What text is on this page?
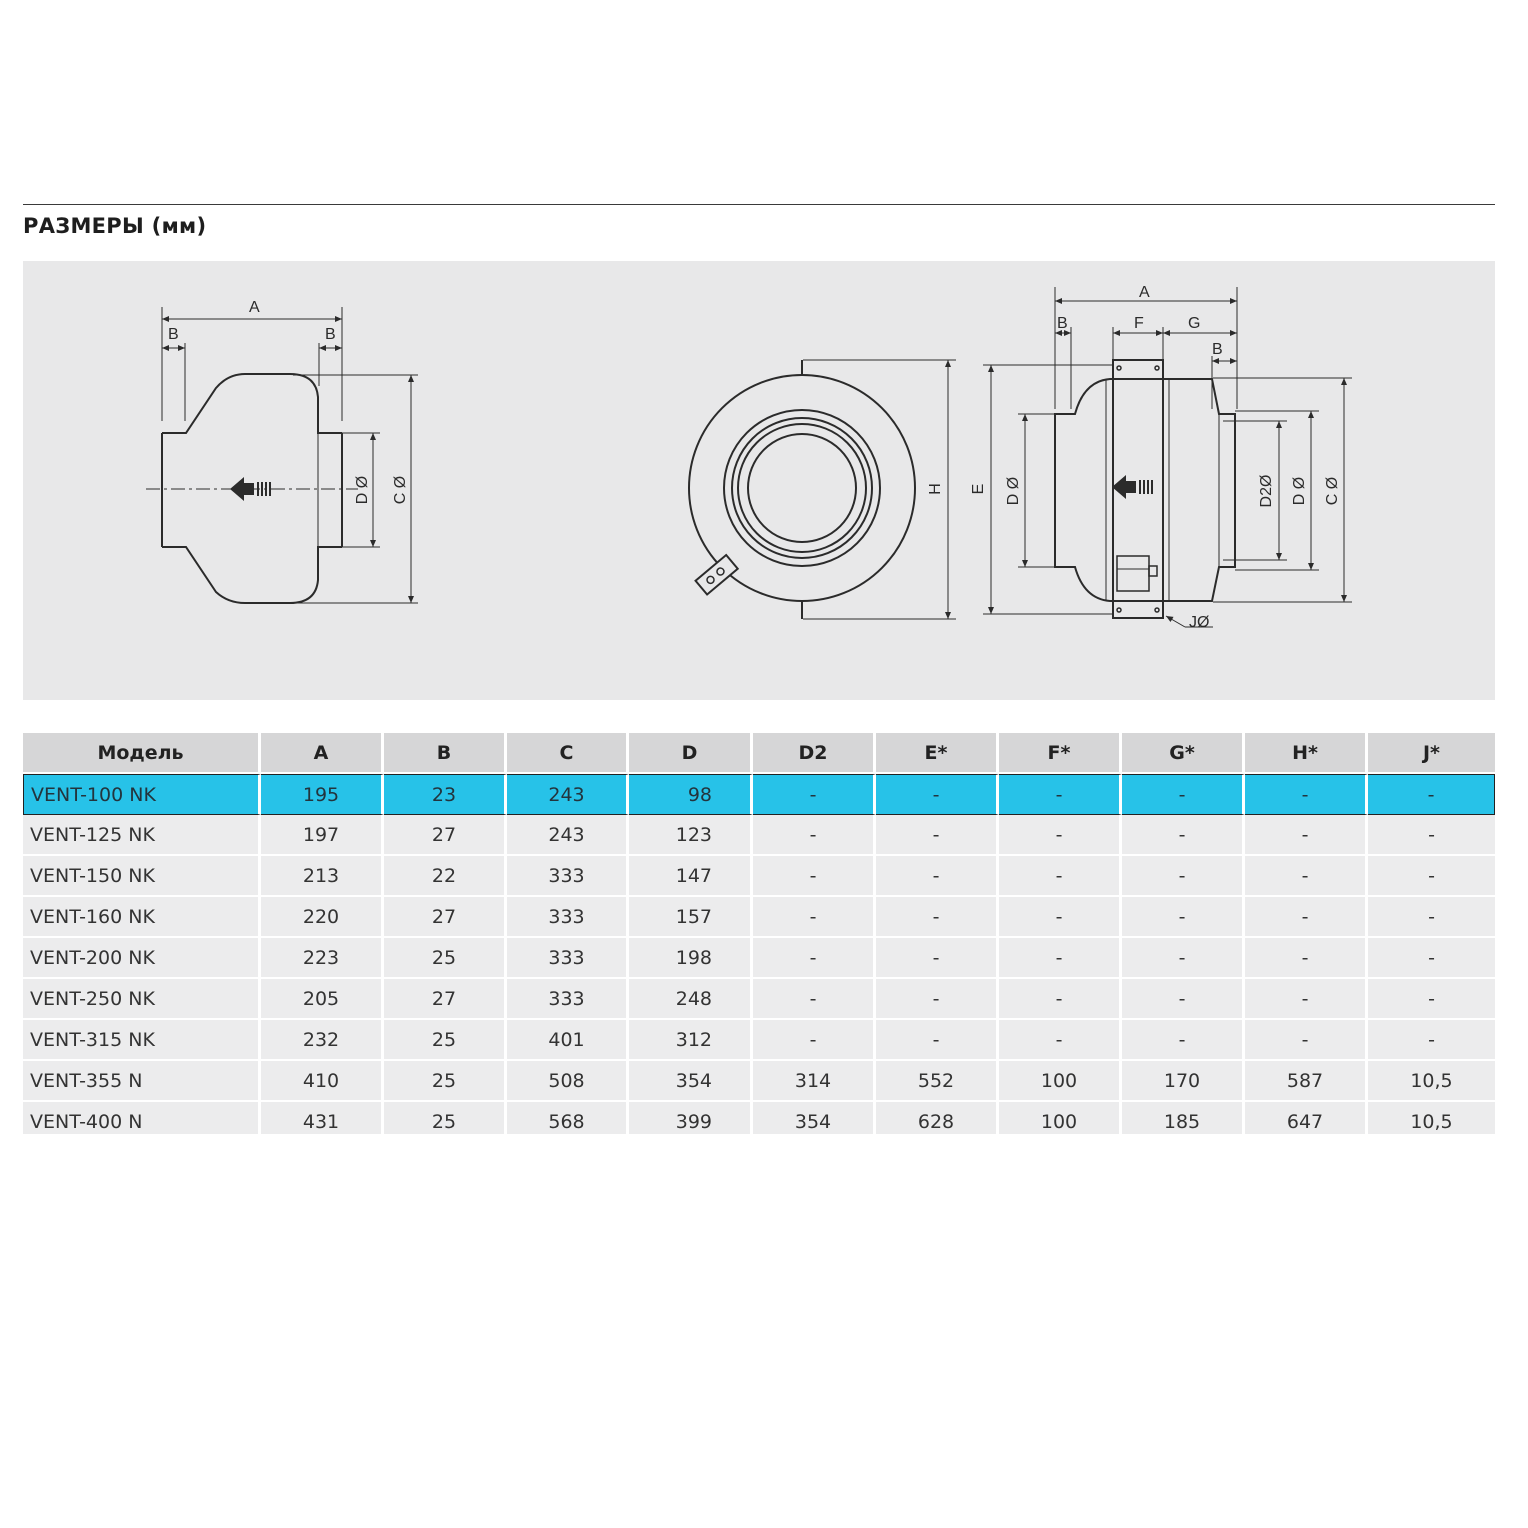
РАЗМЕРЫ (мм)
A
B	B
D Ø C Ø	H
A
B	F	G
B
E D Ø	D2Ø D Ø C Ø
JØ
Модель	A	B	C	D	D2	E*	F*	G*	H*	J*
VENT-100 NK	195	23	243	98	-	-	-	-	-	-
VENT-125 NK	197	27	243	123	-	-	-	-	-	-
VENT-150 NK	213	22	333	147	-	-	-	-	-	-
VENT-160 NK	220	27	333	157	-	-	-	-	-	-
VENT-200 NK	223	25	333	198	-	-	-	-	-	-
VENT-250 NK	205	27	333	248	-	-	-	-	-	-
VENT-315 NK	232	25	401	312	-	-	-	-	-	-
VENT-355 N	410	25	508	354	314	552	100	170	587	10,5
VENT-400 N	431	25	568	399	354	628	100	185	647	10,5
